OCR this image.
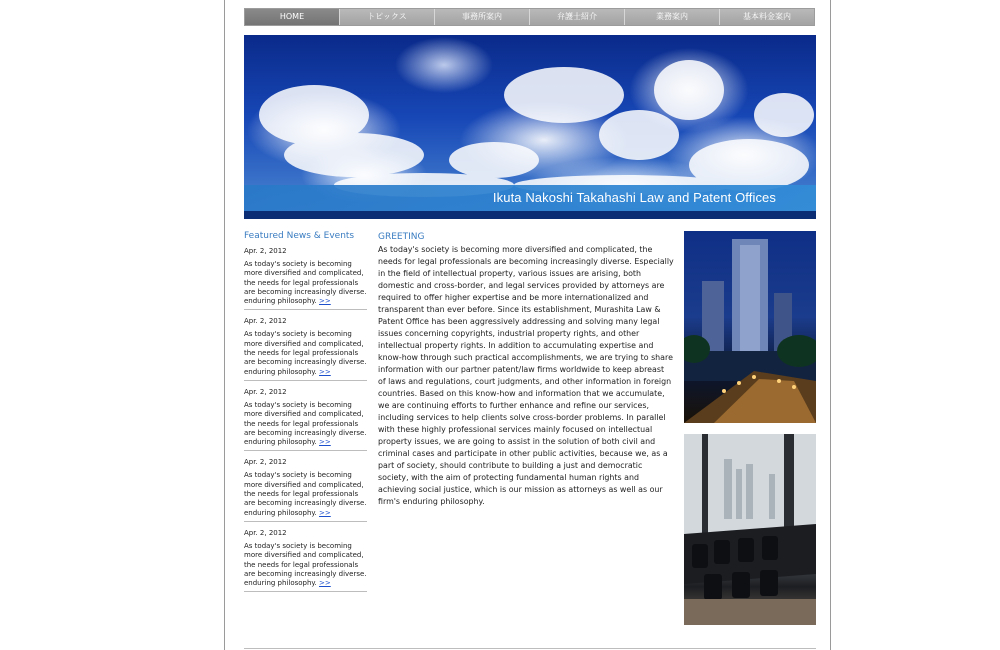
HOME	トピックス	事務所案内	弁護士紹介	業務案内	基本料金案内
Ikuta Nakoshi Takahashi Law and Patent Offices
Featured News & Events
Apr. 2, 2012
As today's society is becoming more diversified and complicated, the needs for legal professionals are becoming increasingly diverse. enduring philosophy. >>
Apr. 2, 2012
As today's society is becoming more diversified and complicated, the needs for legal professionals are becoming increasingly diverse. enduring philosophy. >>
Apr. 2, 2012
As today's society is becoming more diversified and complicated, the needs for legal professionals are becoming increasingly diverse. enduring philosophy. >>
Apr. 2, 2012
As today's society is becoming more diversified and complicated, the needs for legal professionals are becoming increasingly diverse. enduring philosophy. >>
Apr. 2, 2012
As today's society is becoming more diversified and complicated, the needs for legal professionals are becoming increasingly diverse. enduring philosophy. >>
GREETING
As today's society is becoming more diversified and complicated, the needs for legal professionals are becoming increasingly diverse. Especially in the field of intellectual property, various issues are arising, both domestic and cross-border, and legal services provided by attorneys are required to offer higher expertise and be more internationalized and transparent than ever before. Since its establishment, Murashita Law & Patent Office has been aggressively addressing and solving many legal issues concerning copyrights, industrial property rights, and other intellectual property rights. In addition to accumulating expertise and know-how through such practical accomplishments, we are trying to share information with our partner patent/law firms worldwide to keep abreast of laws and regulations, court judgments, and other information in foreign countries. Based on this know-how and information that we accumulate, we are continuing efforts to further enhance and refine our services, including services to help clients solve cross-border problems. In parallel with these highly professional services mainly focused on intellectual property issues, we are going to assist in the solution of both civil and criminal cases and participate in other public activities, because we, as a part of society, should contribute to building a just and democratic society, with the aim of protecting fundamental human rights and achieving social justice, which is our mission as attorneys as well as our firm's enduring philosophy.
